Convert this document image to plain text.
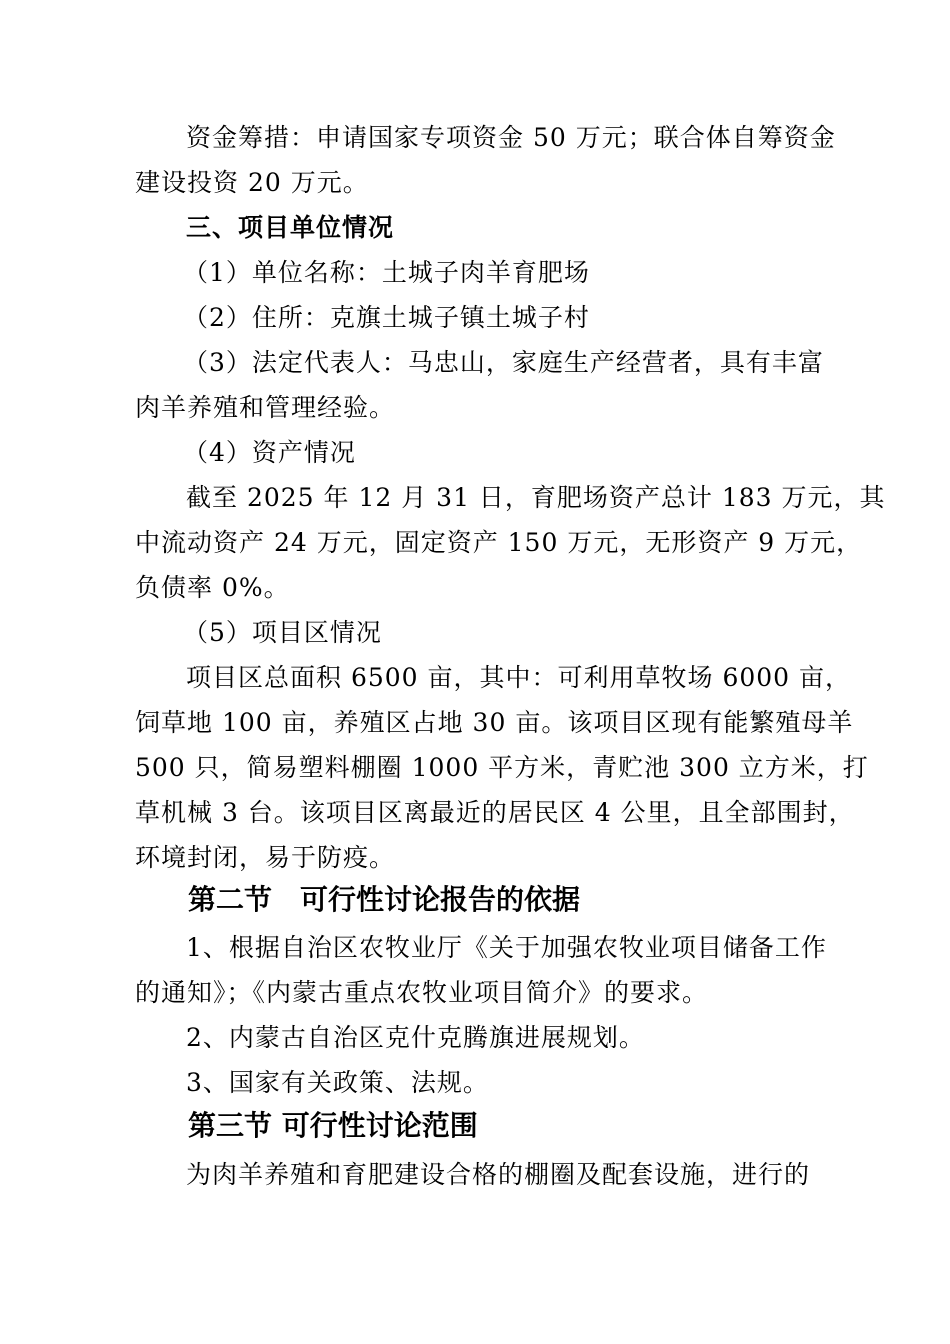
资金筹措：申请国家专项资金 50 万元；联合体自筹资金
建设投资 20 万元。
三、项目单位情况
（1）单位名称：土城子肉羊育肥场
（2）住所：克旗土城子镇土城子村
（3）法定代表人：马忠山，家庭生产经营者，具有丰富
肉羊养殖和管理经验。
（4）资产情况
截至 2025 年 12 月 31 日，育肥场资产总计 183 万元，其
中流动资产 24 万元，固定资产 150 万元，无形资产 9 万元，
负债率 0%。
（5）项目区情况
项目区总面积 6500 亩，其中：可利用草牧场 6000 亩，
饲草地 100 亩，养殖区占地 30 亩。该项目区现有能繁殖母羊
500 只，简易塑料棚圈 1000 平方米，青贮池 300 立方米，打
草机械 3 台。该项目区离最近的居民区 4 公里，且全部围封，
环境封闭，易于防疫。
第二节　可行性讨论报告的依据
1、根据自治区农牧业厅《关于加强农牧业项目储备工作
的通知》；《内蒙古重点农牧业项目简介》的要求。
2、内蒙古自治区克什克腾旗进展规划。
3、国家有关政策、法规。
第三节 可行性讨论范围
为肉羊养殖和育肥建设合格的棚圈及配套设施，进行的
